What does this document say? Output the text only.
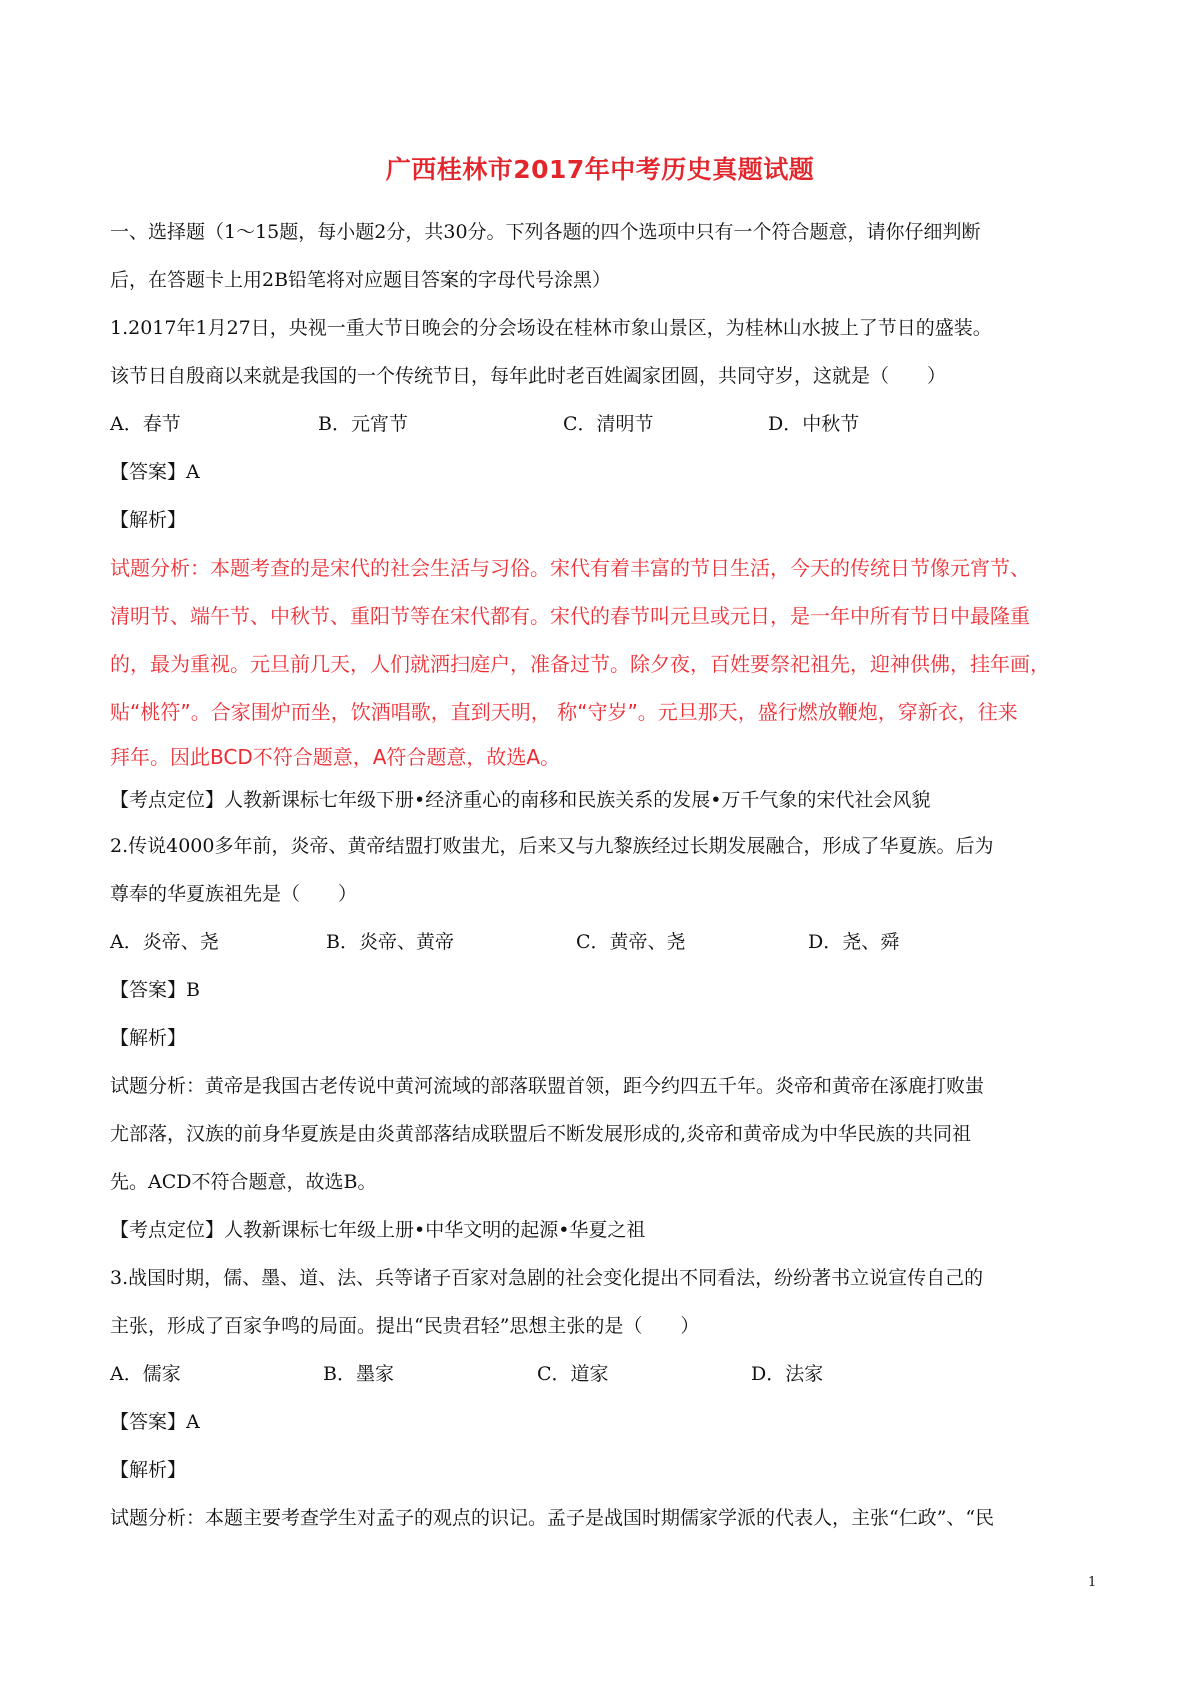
广西桂林市2017年中考历史真题试题
一、选择题（1～15题，每小题2分，共30分。下列各题的四个选项中只有一个符合题意，请你仔细判断
后，在答题卡上用2B铅笔将对应题目答案的字母代号涂黑）
1.2017年1月27日，央视一重大节日晚会的分会场设在桂林市象山景区，为桂林山水披上了节日的盛装。
该节日自殷商以来就是我国的一个传统节日，每年此时老百姓阖家团圆，共同守岁，这就是（　　）
A．春节	B．元宵节	C．清明节	D．中秋节
【答案】A
【解析】
试题分析：本题考查的是宋代的社会生活与习俗。宋代有着丰富的节日生活，今天的传统日节像元宵节、
清明节、端午节、中秋节、重阳节等在宋代都有。宋代的春节叫元旦或元日，是一年中所有节日中最隆重
的，最为重视。元旦前几天，人们就洒扫庭户，准备过节。除夕夜，百姓要祭祀祖先，迎神供佛，挂年画，
贴“桃符”。合家围炉而坐，饮酒唱歌，直到天明， 称“守岁”。元旦那天，盛行燃放鞭炮，穿新衣，往来
拜年。因此BCD不符合题意，A符合题意，故选A。
【考点定位】人教新课标七年级下册•经济重心的南移和民族关系的发展•万千气象的宋代社会风貌
2.传说4000多年前，炎帝、黄帝结盟打败蚩尤，后来又与九黎族经过长期发展融合，形成了华夏族。后为
尊奉的华夏族祖先是（　　）
A．炎帝、尧	B．炎帝、黄帝	C．黄帝、尧	D．尧、舜
【答案】B
【解析】
试题分析：黄帝是我国古老传说中黄河流域的部落联盟首领，距今约四五千年。炎帝和黄帝在涿鹿打败蚩
尤部落，汉族的前身华夏族是由炎黄部落结成联盟后不断发展形成的,炎帝和黄帝成为中华民族的共同祖
先。ACD不符合题意，故选B。
【考点定位】人教新课标七年级上册•中华文明的起源•华夏之祖
3.战国时期，儒、墨、道、法、兵等诸子百家对急剧的社会变化提出不同看法，纷纷著书立说宣传自己的
主张，形成了百家争鸣的局面。提出“民贵君轻”思想主张的是（　　）
A．儒家	B．墨家	C．道家	D．法家
【答案】A
【解析】
试题分析：本题主要考查学生对孟子的观点的识记。孟子是战国时期儒家学派的代表人，主张“仁政”、“民
1
